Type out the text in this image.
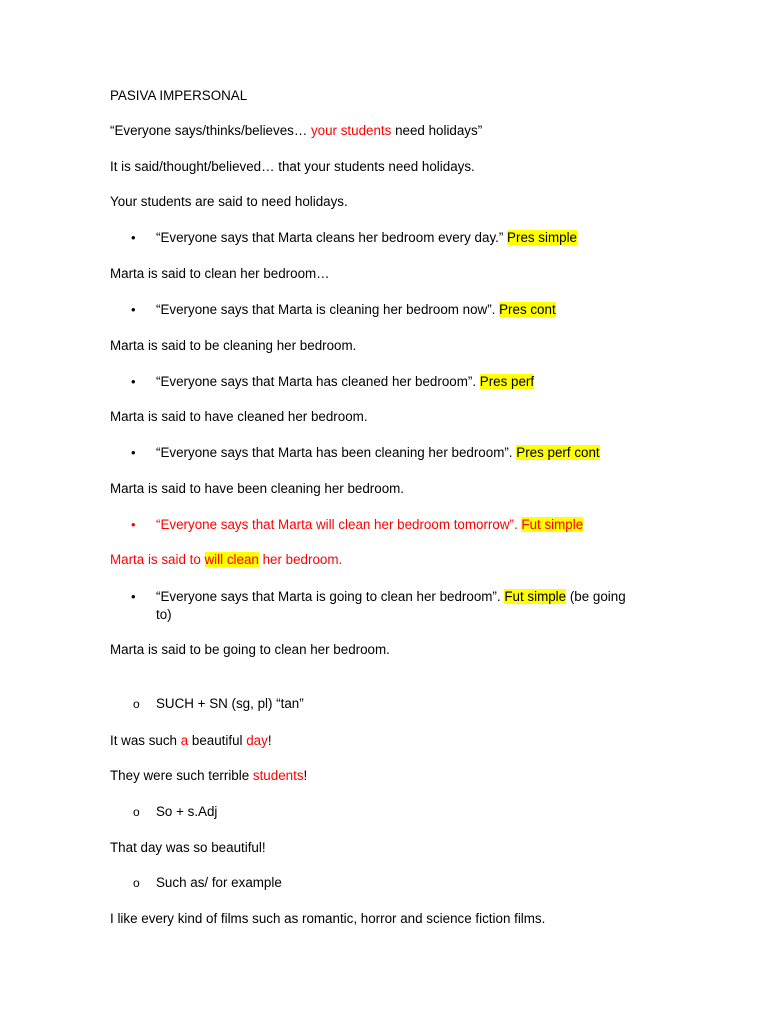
PASIVA IMPERSONAL
“Everyone says/thinks/believes… your students need holidays”
It is said/thought/believed… that your students need holidays.
Your students are said to need holidays.
• “Everyone says that Marta cleans her bedroom every day.” Pres simple
Marta is said to clean her bedroom…
• “Everyone says that Marta is cleaning her bedroom now”. Pres cont
Marta is said to be cleaning her bedroom.
• “Everyone says that Marta has cleaned her bedroom”. Pres perf
Marta is said to have cleaned her bedroom.
• “Everyone says that Marta has been cleaning her bedroom”. Pres perf cont
Marta is said to have been cleaning her bedroom.
• “Everyone says that Marta will clean her bedroom tomorrow”. Fut simple
Marta is said to will clean her bedroom.
• “Everyone says that Marta is going to clean her bedroom”. Fut simple (be going
to)
Marta is said to be going to clean her bedroom.
o SUCH + SN (sg, pl) “tan”
It was such a beautiful day!
They were such terrible students!
o So + s.Adj
That day was so beautiful!
o Such as/ for example
I like every kind of films such as romantic, horror and science fiction films.
